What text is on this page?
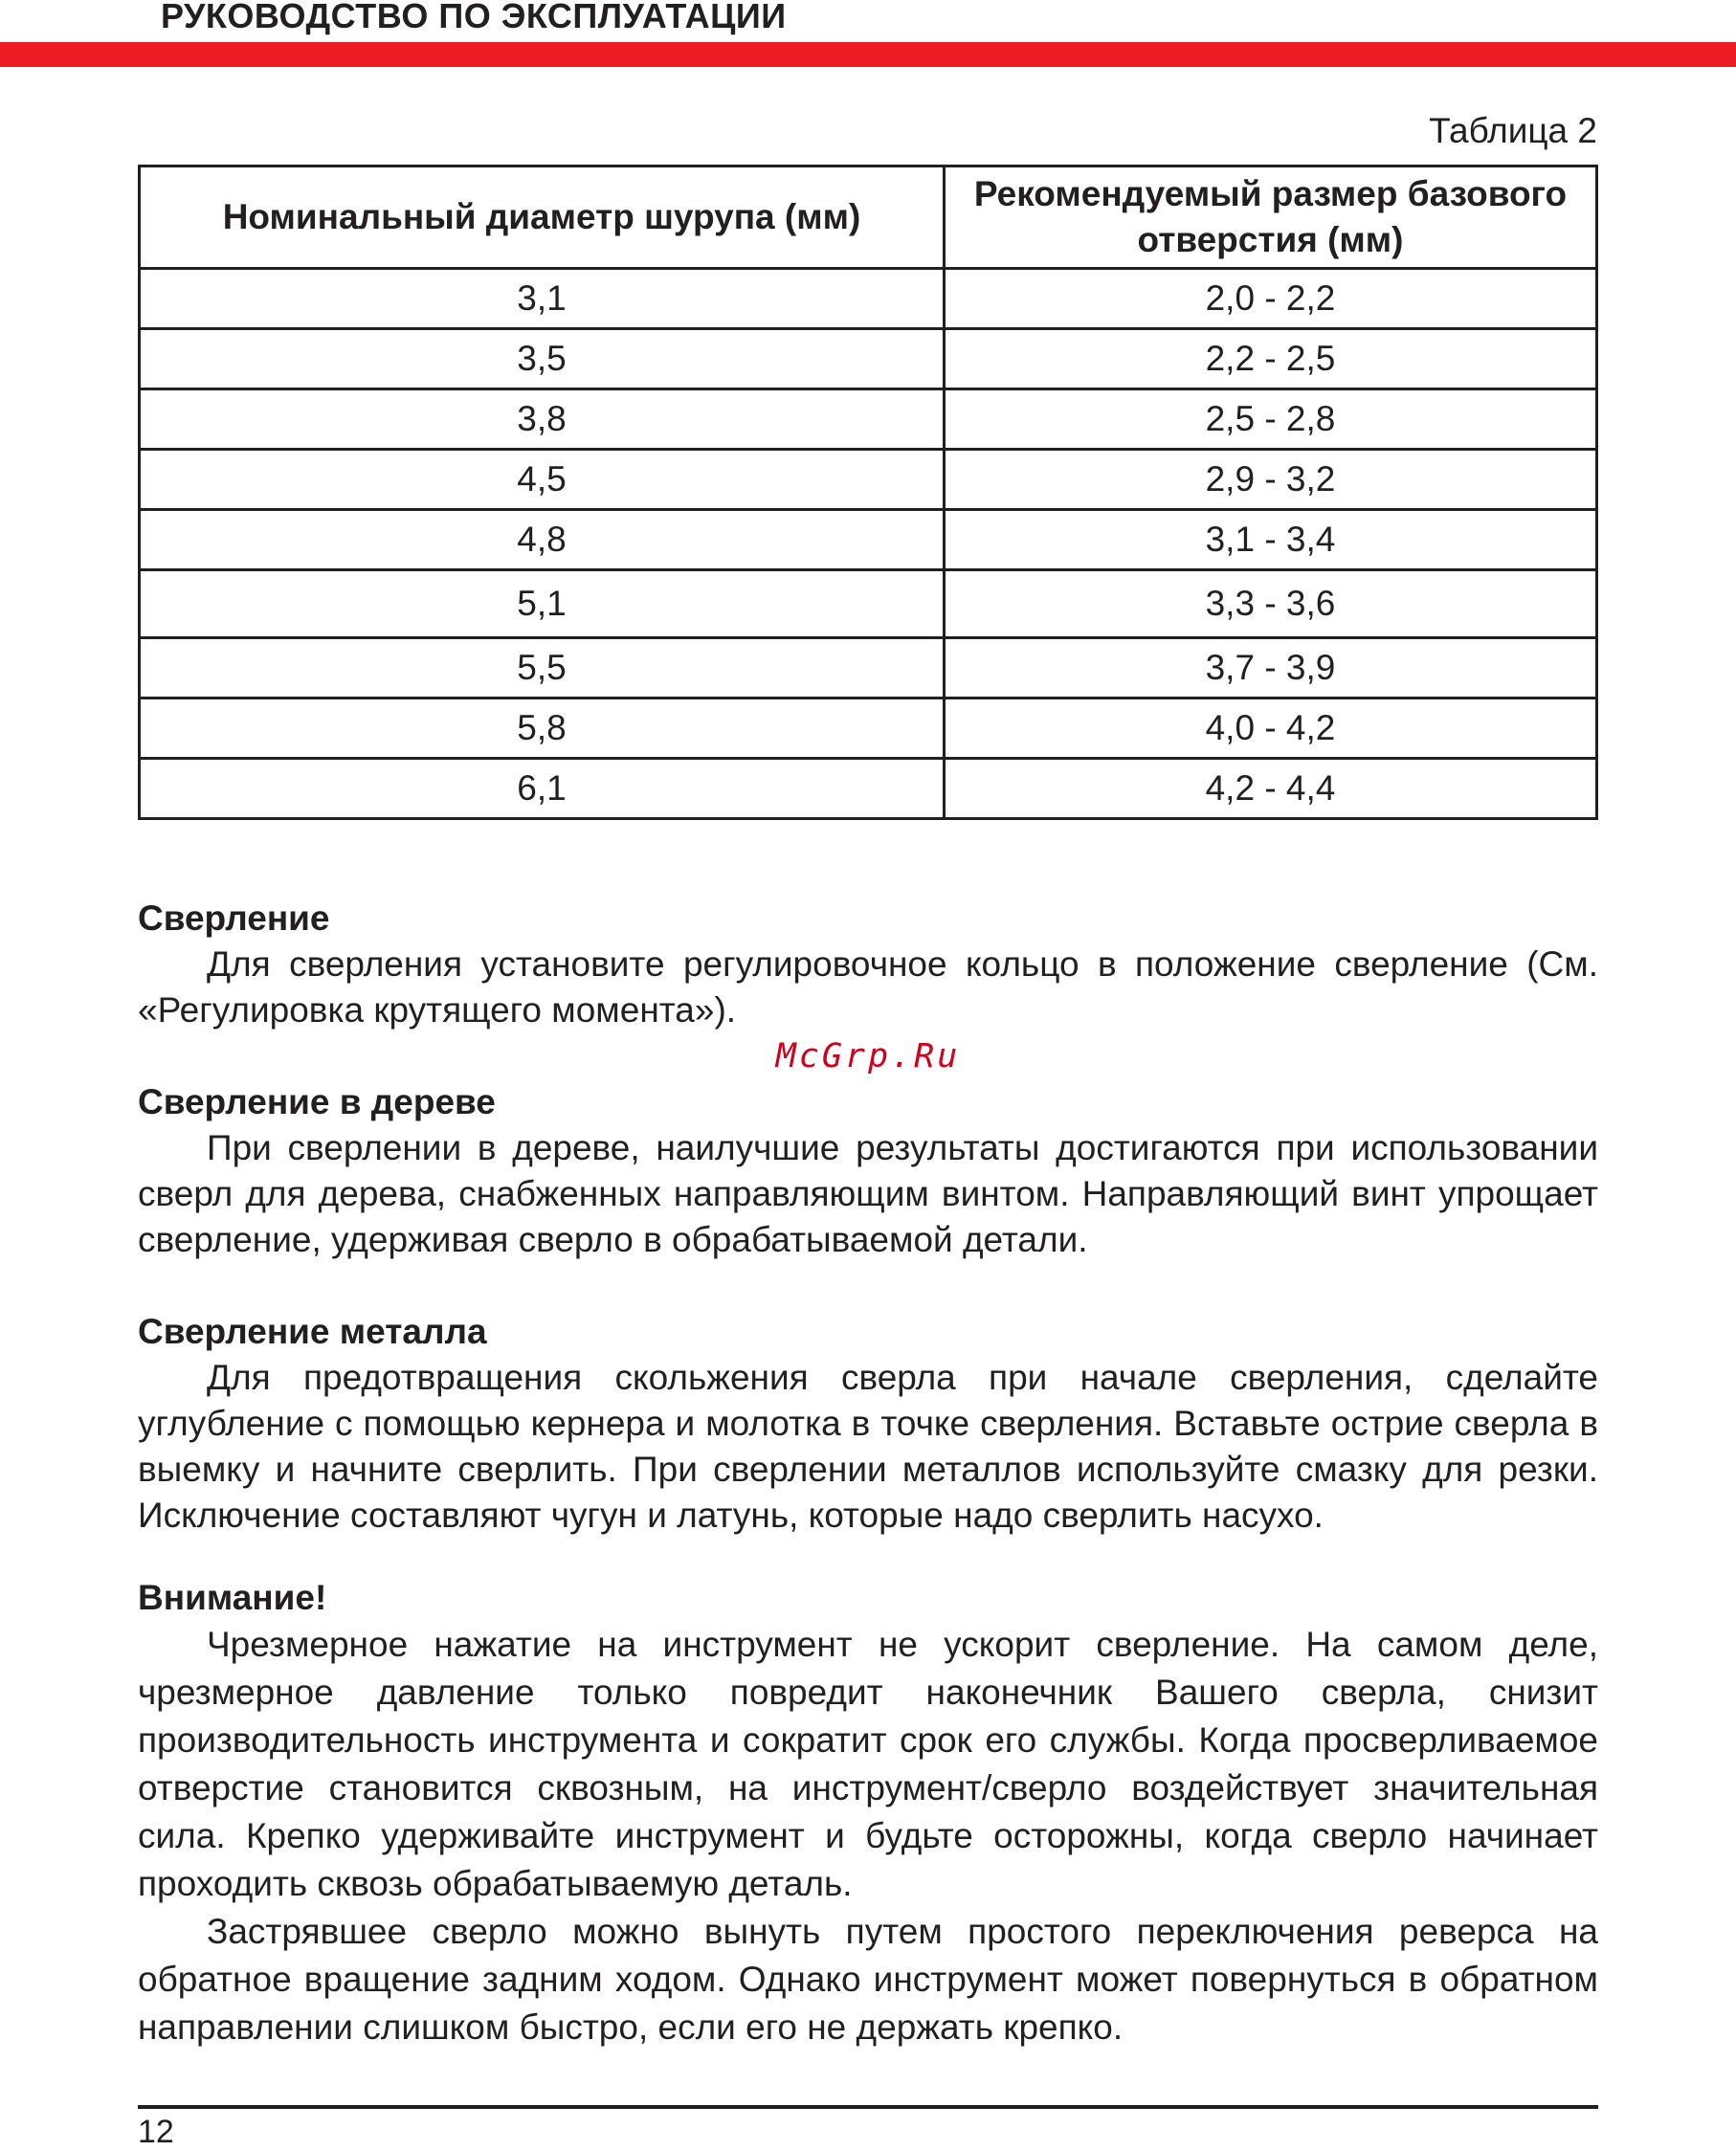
РУКОВОДСТВО ПО ЭКСПЛУАТАЦИИ
Таблица 2
Номинальный диаметр шурупа (мм)	Рекомендуемый размер базового отверстия (мм)
3,1	2,0 - 2,2
3,5	2,2 - 2,5
3,8	2,5 - 2,8
4,5	2,9 - 3,2
4,8	3,1 - 3,4
5,1	3,3 - 3,6
5,5	3,7 - 3,9
5,8	4,0 - 4,2
6,1	4,2 - 4,4
Сверление

Для сверления установите регулировочное кольцо в положение сверление (См. «Регулировка крутящего момента»).

McGrp.Ru
Сверление в дереве

При сверлении в дереве, наилучшие результаты достигаются при использовании сверл для дерева, снабженных направляющим винтом. Направляющий винт упрощает сверление, удерживая сверло в обрабатываемой детали.

Сверление металла

Для предотвращения скольжения сверла при начале сверления, сделайте углубление с помощью кернера и молотка в точке сверления. Вставьте острие сверла в выемку и начните сверлить. При сверлении металлов используйте смазку для резки. Исключение составляют чугун и латунь, которые надо сверлить насухо.

Внимание!

Чрезмерное нажатие на инструмент не ускорит сверление. На самом деле, чрезмерное давление только повредит наконечник Вашего сверла, снизит производительность инструмента и сократит срок его службы. Когда просверливаемое отверстие становится сквозным, на инструмент/сверло воздействует значительная сила. Крепко удерживайте инструмент и будьте осторожны, когда сверло начинает проходить сквозь обрабатываемую деталь.

Застрявшее сверло можно вынуть путем простого переключения реверса на обратное вращение задним ходом. Однако инструмент может повернуться в обратном направлении слишком быстро, если его не держать крепко.

12
